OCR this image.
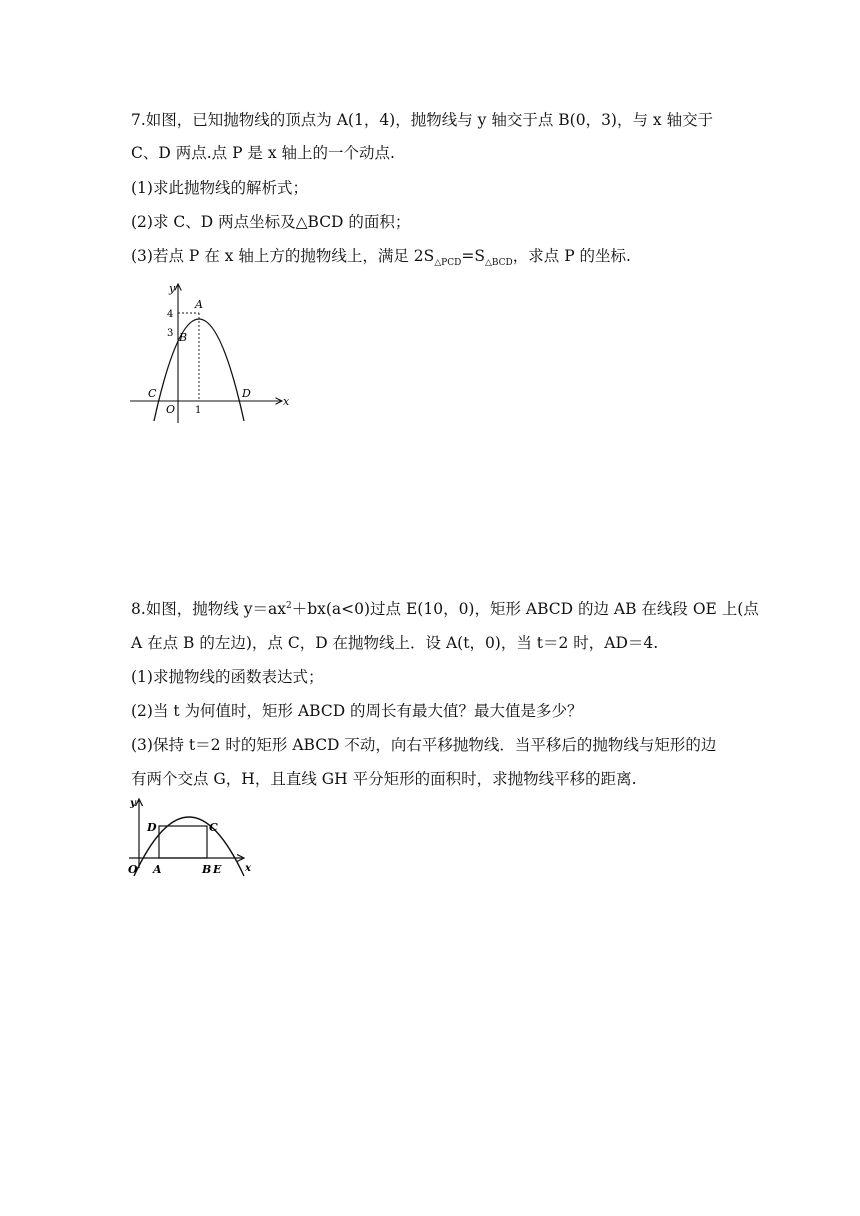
7.如图，已知抛物线的顶点为 A(1，4)，抛物线与 y 轴交于点 B(0，3)，与 x 轴交于
C、D 两点.点 P 是 x 轴上的一个动点.
(1)求此抛物线的解析式；
(2)求 C、D 两点坐标及△BCD 的面积；
(3)若点 P 在 x 轴上方的抛物线上，满足 $2S_{\triangle PCD}=S_{\triangle BCD}$，求点 P 的坐标.
y
x
A
B
C	D
O
4
3
1
8.如图，抛物线 $y=ax^2+bx(a<0)$过点 E(10，0)，矩形 ABCD 的边 AB 在线段 OE 上(点
A 在点 B 的左边)，点 C，D 在抛物线上．设 A(t，0)，当 t＝2 时，AD＝4.
(1)求抛物线的函数表达式；
(2)当 t 为何值时，矩形 ABCD 的周长有最大值？最大值是多少？
(3)保持 t＝2 时的矩形 ABCD 不动，向右平移抛物线．当平移后的抛物线与矩形的边
有两个交点 G，H，且直线 GH 平分矩形的面积时，求抛物线平移的距离.
y
x
O A	B E
D	C
